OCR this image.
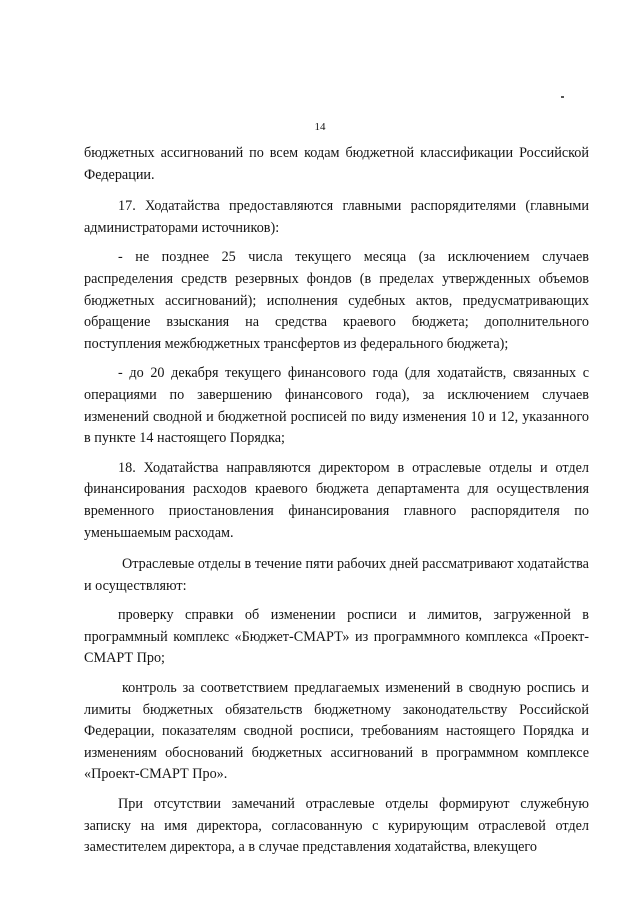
14

бюджетных ассигнований по всем кодам бюджетной классификации Российской Федерации.

17. Ходатайства предоставляются главными распорядителями (главными администраторами источников):

- не позднее 25 числа текущего месяца (за исключением случаев распределения средств резервных фондов (в пределах утвержденных объемов бюджетных ассигнований); исполнения судебных актов, предусматривающих обращение взыскания на средства краевого бюджета; дополнительного поступления межбюджетных трансфертов из федерального бюджета);

- до 20 декабря текущего финансового года (для ходатайств, связанных с операциями по завершению финансового года), за исключением случаев изменений сводной и бюджетной росписей по виду изменения 10 и 12, указанного в пункте 14 настоящего Порядка;

18. Ходатайства направляются директором в отраслевые отделы и отдел финансирования расходов краевого бюджета департамента для осуществления временного приостановления финансирования главного распорядителя по уменьшаемым расходам.

Отраслевые отделы в течение пяти рабочих дней рассматривают ходатайства и осуществляют:

проверку справки об изменении росписи и лимитов, загруженной в программный комплекс «Бюджет-СМАРТ» из программного комплекса «Проект-СМАРТ Про;

контроль за соответствием предлагаемых изменений в сводную роспись и лимиты бюджетных обязательств бюджетному законодательству Российской Федерации, показателям сводной росписи, требованиям настоящего Порядка и изменениям обоснований бюджетных ассигнований в программном комплексе «Проект-СМАРТ Про».

При отсутствии замечаний отраслевые отделы формируют служебную записку на имя директора, согласованную с курирующим отраслевой отдел заместителем директора, а в случае представления ходатайства, влекущего
